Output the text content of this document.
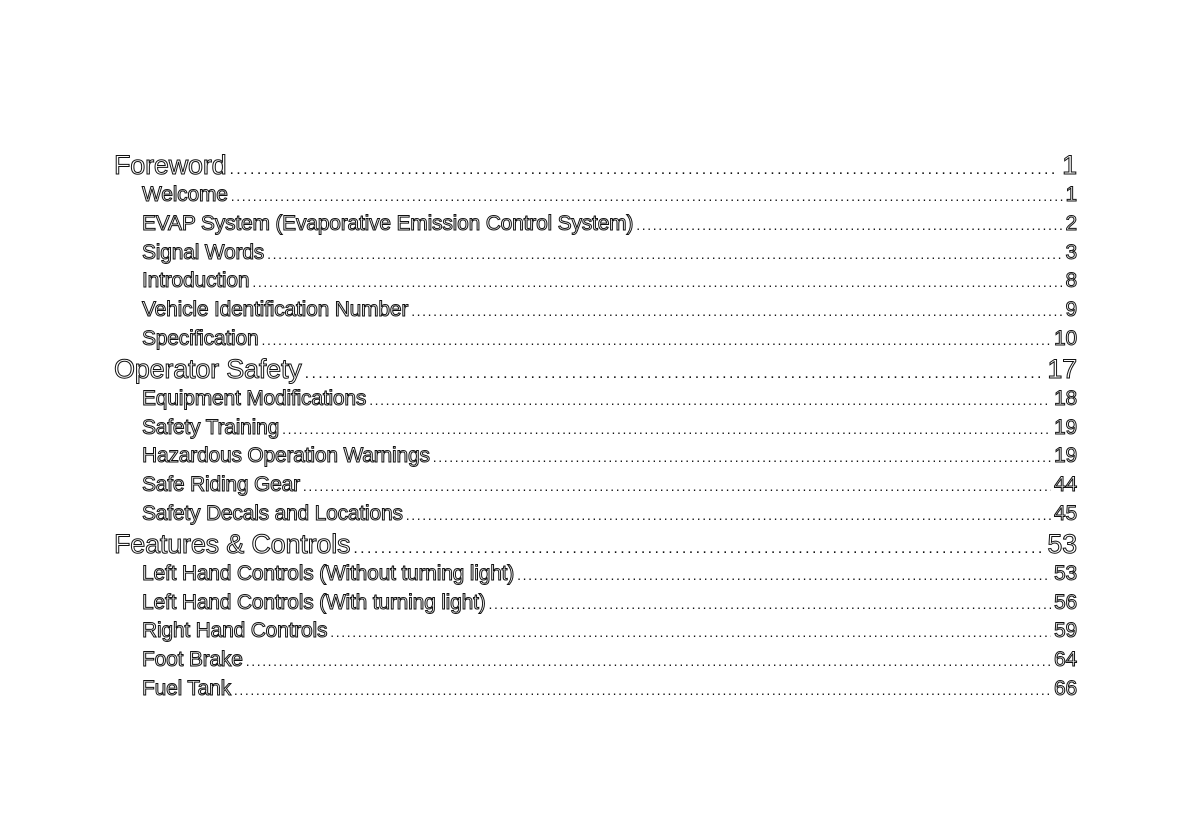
Foreword .....	1
Welcome .....	1
EVAP System (Evaporative Emission Control System) .....	2
Signal Words .....	3
Introduction .....	8
Vehicle Identification Number .....	9
Specification .....	10
Operator Safety .....	17
Equipment Modifications .....	18
Safety Training .....	19
Hazardous Operation Warnings .....	19
Safe Riding Gear .....	44
Safety Decals and Locations .....	45
Features & Controls .....	53
Left Hand Controls (Without turning light) .....	53
Left Hand Controls (With turning light) .....	56
Right Hand Controls .....	59
Foot Brake .....	64
Fuel Tank .....	66
